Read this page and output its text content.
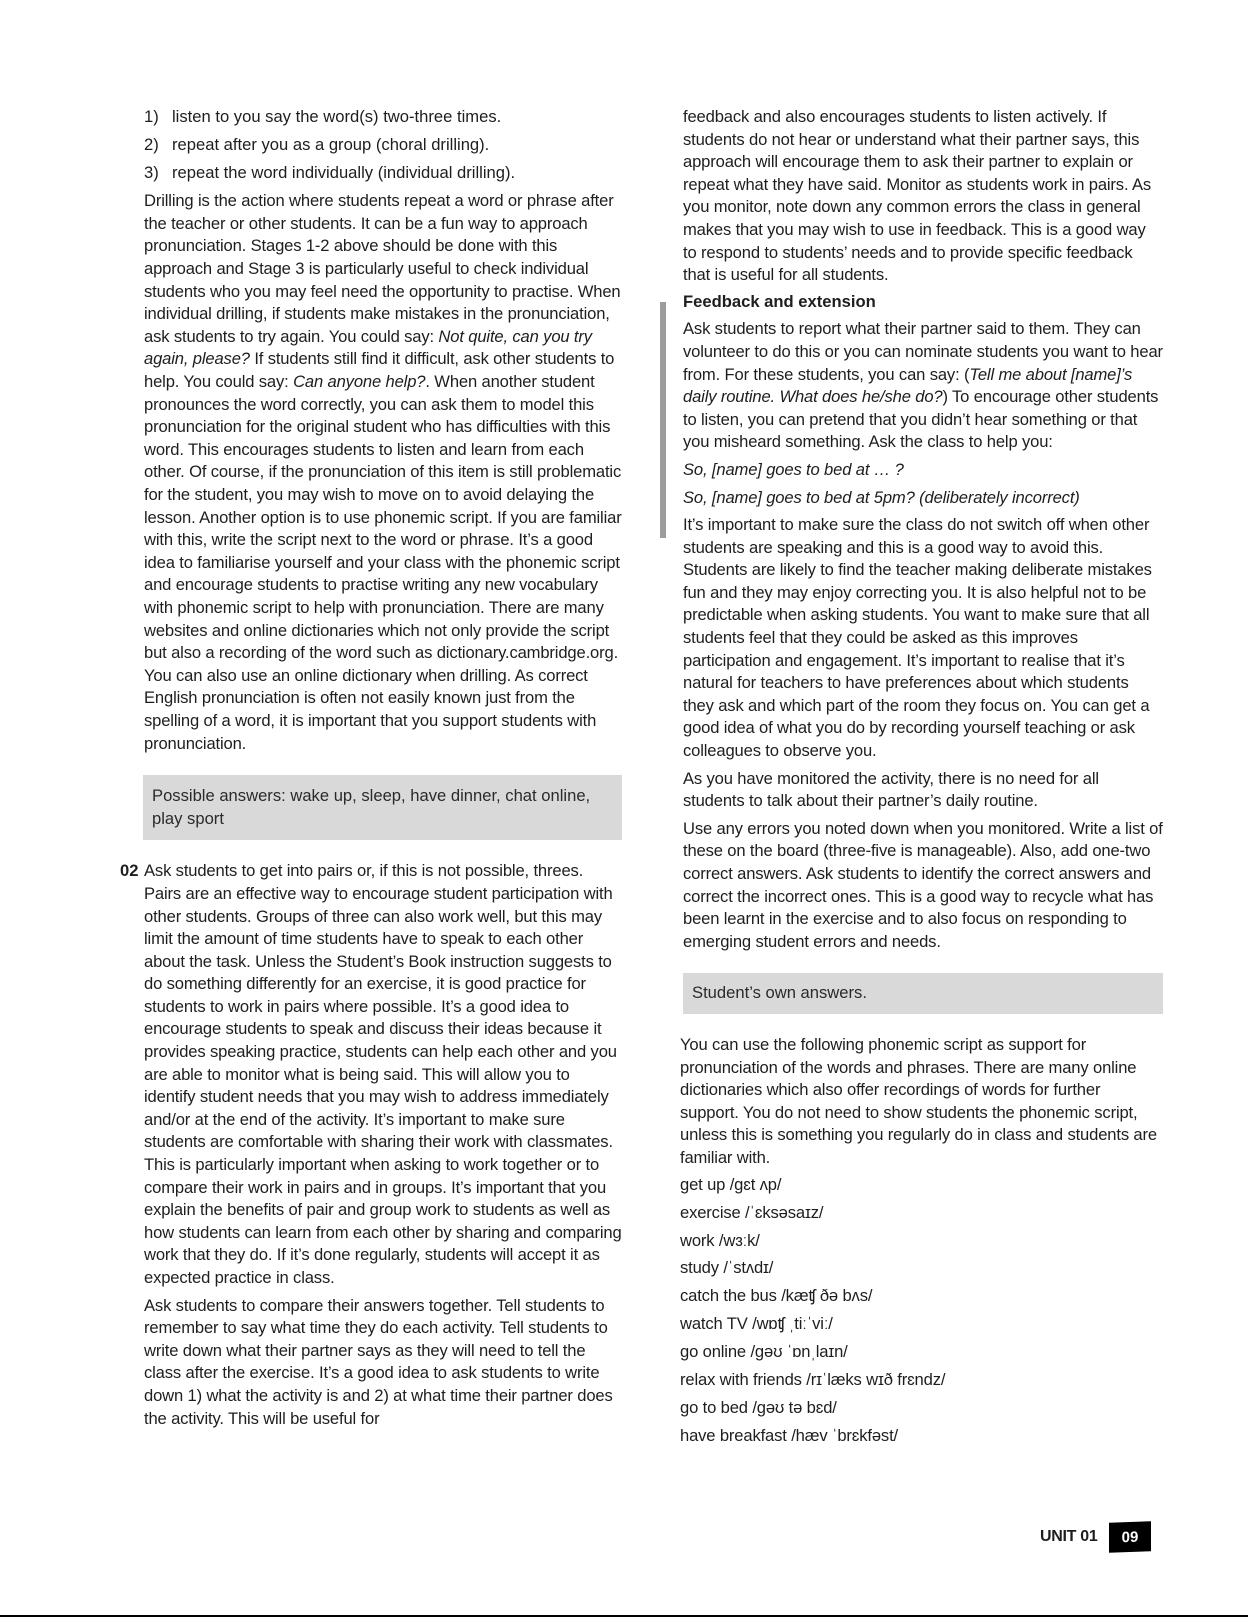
1) listen to you say the word(s) two-three times.
2) repeat after you as a group (choral drilling).
3) repeat the word individually (individual drilling).

Drilling is the action where students repeat a word or phrase after the teacher or other students. It can be a fun way to approach pronunciation. Stages 1-2 above should be done with this approach and Stage 3 is particularly useful to check individual students who you may feel need the opportunity to practise. When individual drilling, if students make mistakes in the pronunciation, ask students to try again. You could say: Not quite, can you try again, please? If students still find it difficult, ask other students to help. You could say: Can anyone help?. When another student pronounces the word correctly, you can ask them to model this pronunciation for the original student who has difficulties with this word. This encourages students to listen and learn from each other. Of course, if the pronunciation of this item is still problematic for the student, you may wish to move on to avoid delaying the lesson. Another option is to use phonemic script. If you are familiar with this, write the script next to the word or phrase. It’s a good idea to familiarise yourself and your class with the phonemic script and encourage students to practise writing any new vocabulary with phonemic script to help with pronunciation. There are many websites and online dictionaries which not only provide the script but also a recording of the word such as dictionary.cambridge.org. You can also use an online dictionary when drilling. As correct English pronunciation is often not easily known just from the spelling of a word, it is important that you support students with pronunciation.

Possible answers: wake up, sleep, have dinner, chat online, play sport
02 Ask students to get into pairs or, if this is not possible, threes. Pairs are an effective way to encourage student participation with other students. Groups of three can also work well, but this may limit the amount of time students have to speak to each other about the task. Unless the Student’s Book instruction suggests to do something differently for an exercise, it is good practice for students to work in pairs where possible. It’s a good idea to encourage students to speak and discuss their ideas because it provides speaking practice, students can help each other and you are able to monitor what is being said. This will allow you to identify student needs that you may wish to address immediately and/or at the end of the activity. It’s important to make sure students are comfortable with sharing their work with classmates. This is particularly important when asking to work together or to compare their work in pairs and in groups. It’s important that you explain the benefits of pair and group work to students as well as how students can learn from each other by sharing and comparing work that they do. If it’s done regularly, students will accept it as expected practice in class.

Ask students to compare their answers together. Tell students to remember to say what time they do each activity. Tell students to write down what their partner says as they will need to tell the class after the exercise. It’s a good idea to ask students to write down 1) what the activity is and 2) at what time their partner does the activity. This will be useful for

feedback and also encourages students to listen actively. If students do not hear or understand what their partner says, this approach will encourage them to ask their partner to explain or repeat what they have said. Monitor as students work in pairs. As you monitor, note down any common errors the class in general makes that you may wish to use in feedback. This is a good way to respond to students’ needs and to provide specific feedback that is useful for all students.

Feedback and extension

Ask students to report what their partner said to them. They can volunteer to do this or you can nominate students you want to hear from. For these students, you can say: (Tell me about [name]’s daily routine. What does he/she do?) To encourage other students to listen, you can pretend that you didn’t hear something or that you misheard something. Ask the class to help you:

So, [name] goes to bed at … ?

So, [name] goes to bed at 5pm? (deliberately incorrect)

It’s important to make sure the class do not switch off when other students are speaking and this is a good way to avoid this. Students are likely to find the teacher making deliberate mistakes fun and they may enjoy correcting you. It is also helpful not to be predictable when asking students. You want to make sure that all students feel that they could be asked as this improves participation and engagement. It’s important to realise that it’s natural for teachers to have preferences about which students they ask and which part of the room they focus on. You can get a good idea of what you do by recording yourself teaching or ask colleagues to observe you.

As you have monitored the activity, there is no need for all students to talk about their partner’s daily routine.

Use any errors you noted down when you monitored. Write a list of these on the board (three-five is manageable). Also, add one-two correct answers. Ask students to identify the correct answers and correct the incorrect ones. This is a good way to recycle what has been learnt in the exercise and to also focus on responding to emerging student errors and needs.

Student’s own answers.

You can use the following phonemic script as support for pronunciation of the words and phrases. There are many online dictionaries which also offer recordings of words for further support. You do not need to show students the phonemic script, unless this is something you regularly do in class and students are familiar with.

get up /gɛt ʌp/
exercise /ˈɛksəsaɪz/
work /wɜːk/
study /ˈstʌdɪ/
catch the bus /kæʧ ðə bʌs/
watch TV /wɒʧ ˌtiːˈviː/
go online /gəʊ ˈɒnˌlaɪn/
relax with friends /rɪˈlæks wɪð frɛndz/
go to bed /gəʊ tə bɛd/
have breakfast /hæv ˈbrɛkfəst/
UNIT 01	09
